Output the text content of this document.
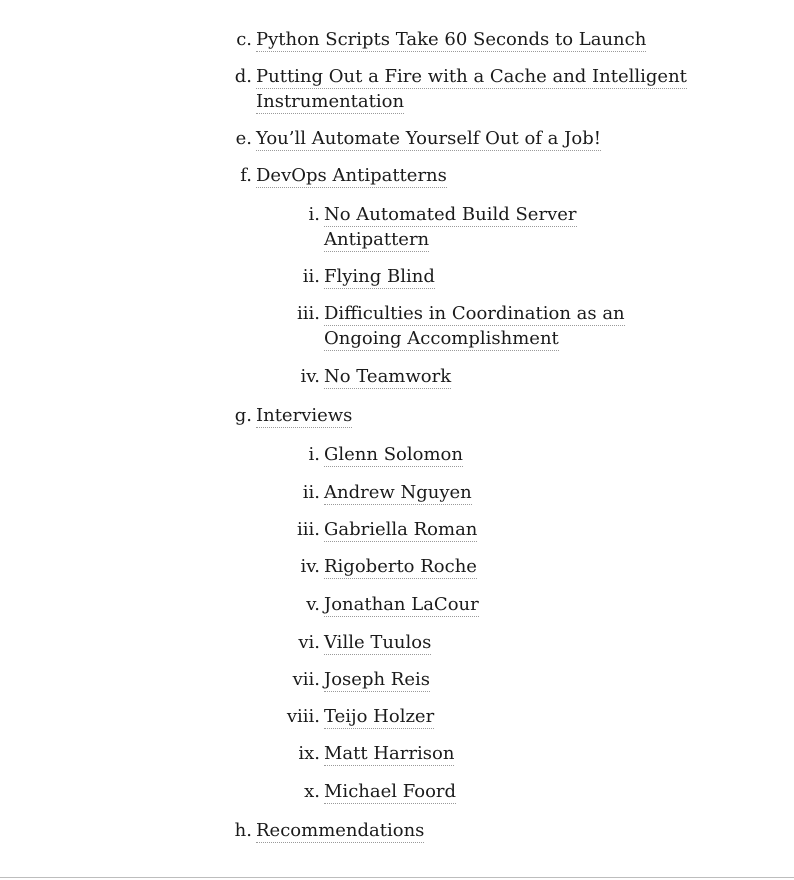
c. Python Scripts Take 60 Seconds to Launch
d. Putting Out a Fire with a Cache and Intelligent
Instrumentation
e. You’ll Automate Yourself Out of a Job!
f. DevOps Antipatterns
i. No Automated Build Server
Antipattern
ii. Flying Blind
iii. Difficulties in Coordination as an
Ongoing Accomplishment
iv. No Teamwork
g. Interviews
i. Glenn Solomon
ii. Andrew Nguyen
iii. Gabriella Roman
iv. Rigoberto Roche
v. Jonathan LaCour
vi. Ville Tuulos
vii. Joseph Reis
viii. Teijo Holzer
ix. Matt Harrison
x. Michael Foord
h. Recommendations
